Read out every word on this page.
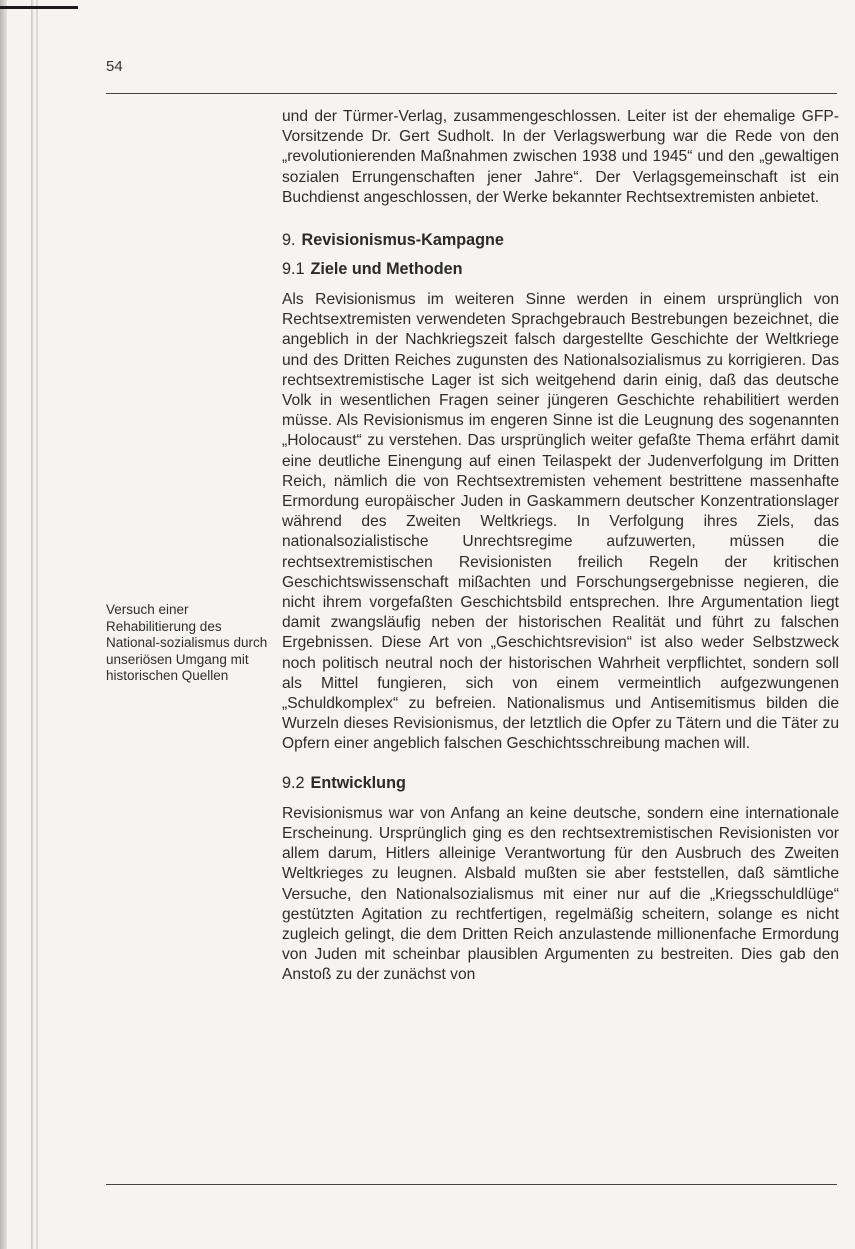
54
Versuch einer Rehabilitierung des National-sozialismus durch unseriösen Umgang mit historischen Quellen

und der Türmer-Verlag, zusammengeschlossen. Leiter ist der ehemalige GFP-Vorsitzende Dr. Gert Sudholt. In der Verlagswerbung war die Rede von den „revolutionierenden Maßnahmen zwischen 1938 und 1945“ und den „gewaltigen sozialen Errungenschaften jener Jahre“. Der Verlagsgemeinschaft ist ein Buchdienst angeschlossen, der Werke bekannter Rechtsextremisten anbietet.

9. Revisionismus-Kampagne
9.1 Ziele und Methoden

Als Revisionismus im weiteren Sinne werden in einem ursprünglich von Rechtsextremisten verwendeten Sprachgebrauch Bestrebungen bezeichnet, die angeblich in der Nachkriegszeit falsch dargestellte Geschichte der Weltkriege und des Dritten Reiches zugunsten des Nationalsozialismus zu korrigieren. Das rechtsextremistische Lager ist sich weitgehend darin einig, daß das deutsche Volk in wesentlichen Fragen seiner jüngeren Geschichte rehabilitiert werden müsse. Als Revisionismus im engeren Sinne ist die Leugnung des sogenannten „Holocaust“ zu verstehen. Das ursprünglich weiter gefaßte Thema erfährt damit eine deutliche Einengung auf einen Teilaspekt der Judenverfolgung im Dritten Reich, nämlich die von Rechtsextremisten vehement bestrittene massenhafte Ermordung europäischer Juden in Gaskammern deutscher Konzentrationslager während des Zweiten Weltkriegs. In Verfolgung ihres Ziels, das nationalsozialistische Unrechtsregime aufzuwerten, müssen die rechtsextremistischen Revisionisten freilich Regeln der kritischen Geschichtswissenschaft mißachten und Forschungsergebnisse negieren, die nicht ihrem vorgefaßten Geschichtsbild entsprechen. Ihre Argumentation liegt damit zwangsläufig neben der historischen Realität und führt zu falschen Ergebnissen. Diese Art von „Geschichtsrevision“ ist also weder Selbstzweck noch politisch neutral noch der historischen Wahrheit verpflichtet, sondern soll als Mittel fungieren, sich von einem vermeintlich aufgezwungenen „Schuldkomplex“ zu befreien. Nationalismus und Antisemitismus bilden die Wurzeln dieses Revisionismus, der letztlich die Opfer zu Tätern und die Täter zu Opfern einer angeblich falschen Geschichtsschreibung machen will.

9.2 Entwicklung

Revisionismus war von Anfang an keine deutsche, sondern eine internationale Erscheinung. Ursprünglich ging es den rechtsextremistischen Revisionisten vor allem darum, Hitlers alleinige Verantwortung für den Ausbruch des Zweiten Weltkrieges zu leugnen. Alsbald mußten sie aber feststellen, daß sämtliche Versuche, den Nationalsozialismus mit einer nur auf die „Kriegsschuldlüge“ gestützten Agitation zu rechtfertigen, regelmäßig scheitern, solange es nicht zugleich gelingt, die dem Dritten Reich anzulastende millionenfache Ermordung von Juden mit scheinbar plausiblen Argumenten zu bestreiten. Dies gab den Anstoß zu der zunächst von
